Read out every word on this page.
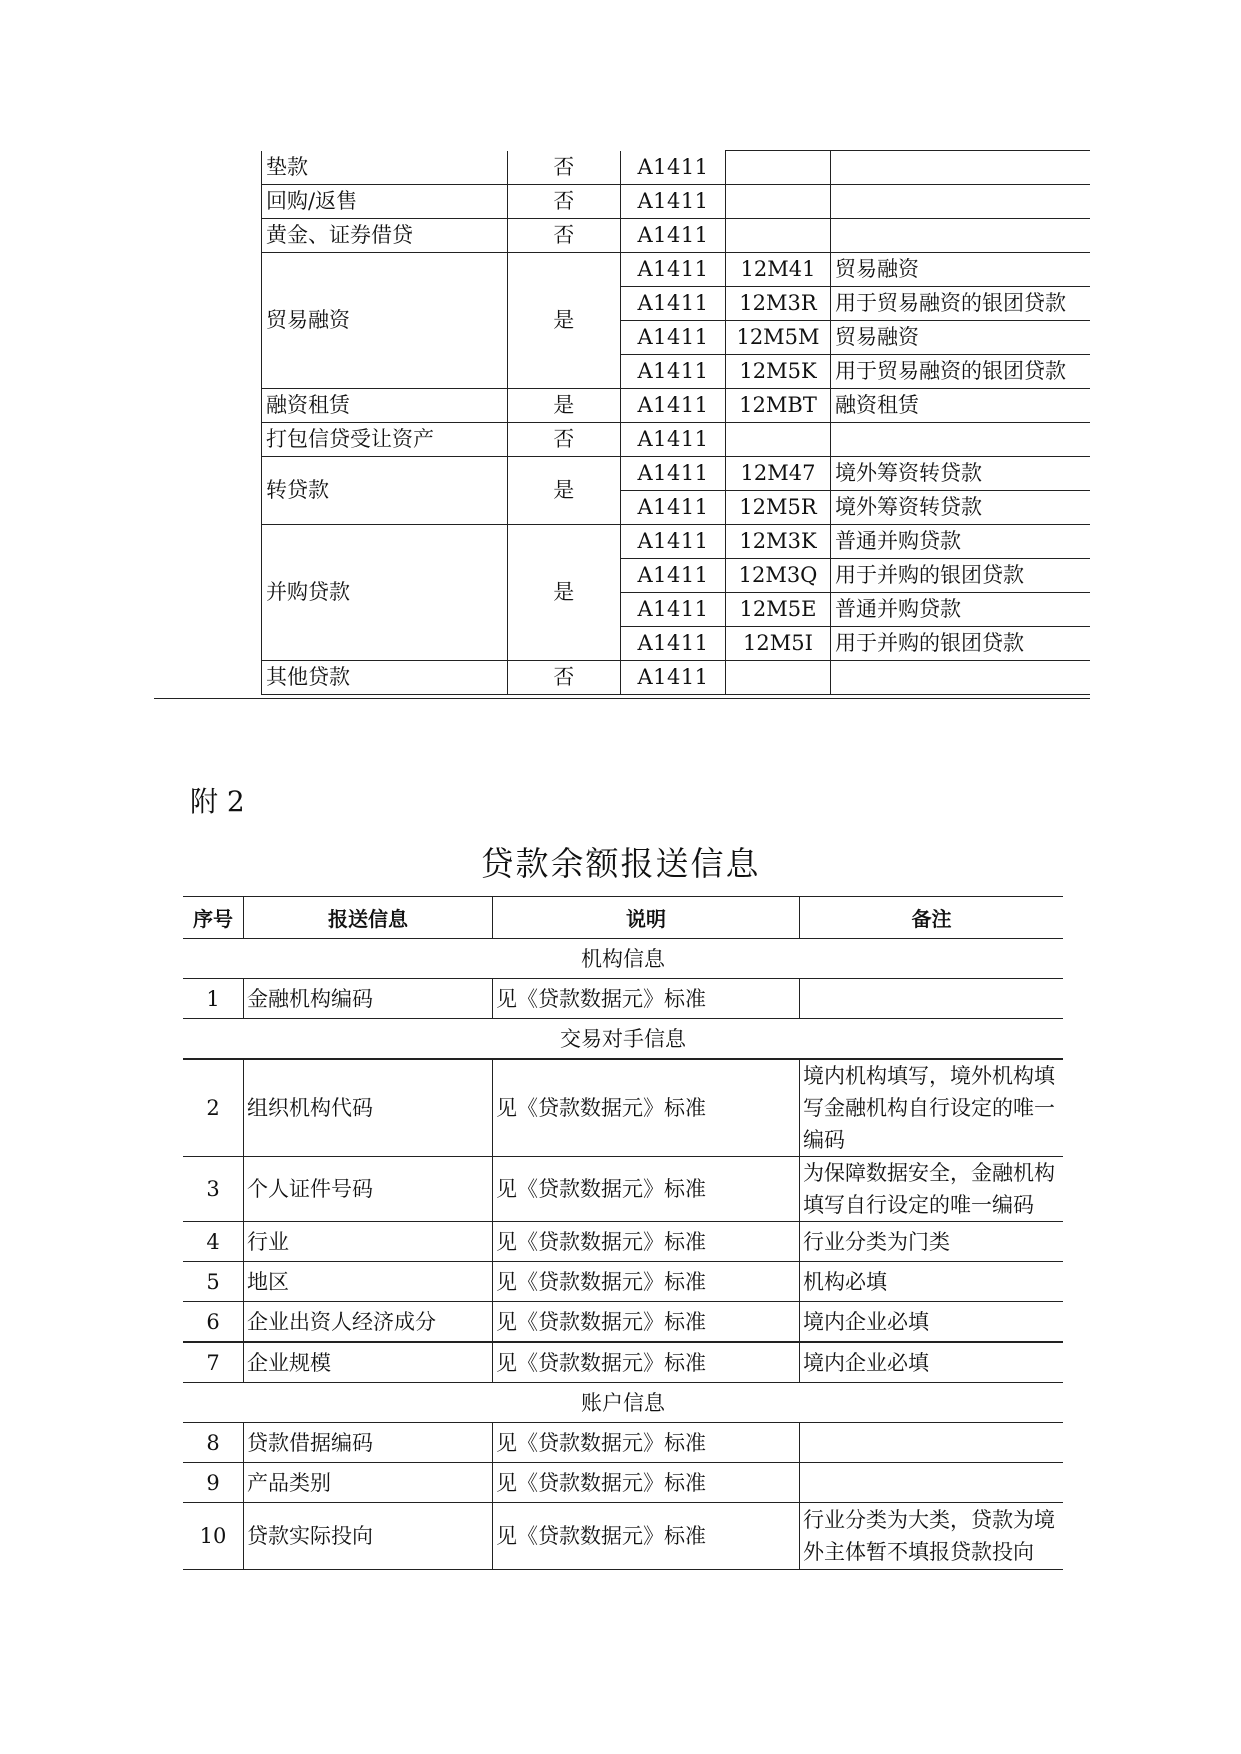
	垫款	否	A1411		
	回购/返售	否	A1411		
	黄金、证券借贷	否	A1411		
	贸易融资	是	A1411	12M41	贸易融资
			A1411	12M3R	用于贸易融资的银团贷款
			A1411	12M5M	贸易融资
			A1411	12M5K	用于贸易融资的银团贷款
	融资租赁	是	A1411	12MBT	融资租赁
	打包信贷受让资产	否	A1411		
	转贷款	是	A1411	12M47	境外筹资转贷款
			A1411	12M5R	境外筹资转贷款
	并购贷款	是	A1411	12M3K	普通并购贷款
			A1411	12M3Q	用于并购的银团贷款
			A1411	12M5E	普通并购贷款
			A1411	12M5I	用于并购的银团贷款
	其他贷款	否	A1411		
附 2
贷款余额报送信息
序号	报送信息	说明	备注
机构信息			
1	金融机构编码	见《贷款数据元》标准	
交易对手信息			
2	组织机构代码	见《贷款数据元》标准	境内机构填写，境外机构填写金融机构自行设定的唯一编码
3	个人证件号码	见《贷款数据元》标准	为保障数据安全，金融机构填写自行设定的唯一编码
4	行业	见《贷款数据元》标准	行业分类为门类
5	地区	见《贷款数据元》标准	机构必填
6	企业出资人经济成分	见《贷款数据元》标准	境内企业必填
7	企业规模	见《贷款数据元》标准	境内企业必填
账户信息			
8	贷款借据编码	见《贷款数据元》标准	
9	产品类别	见《贷款数据元》标准	
10	贷款实际投向	见《贷款数据元》标准	行业分类为大类，贷款为境外主体暂不填报贷款投向
